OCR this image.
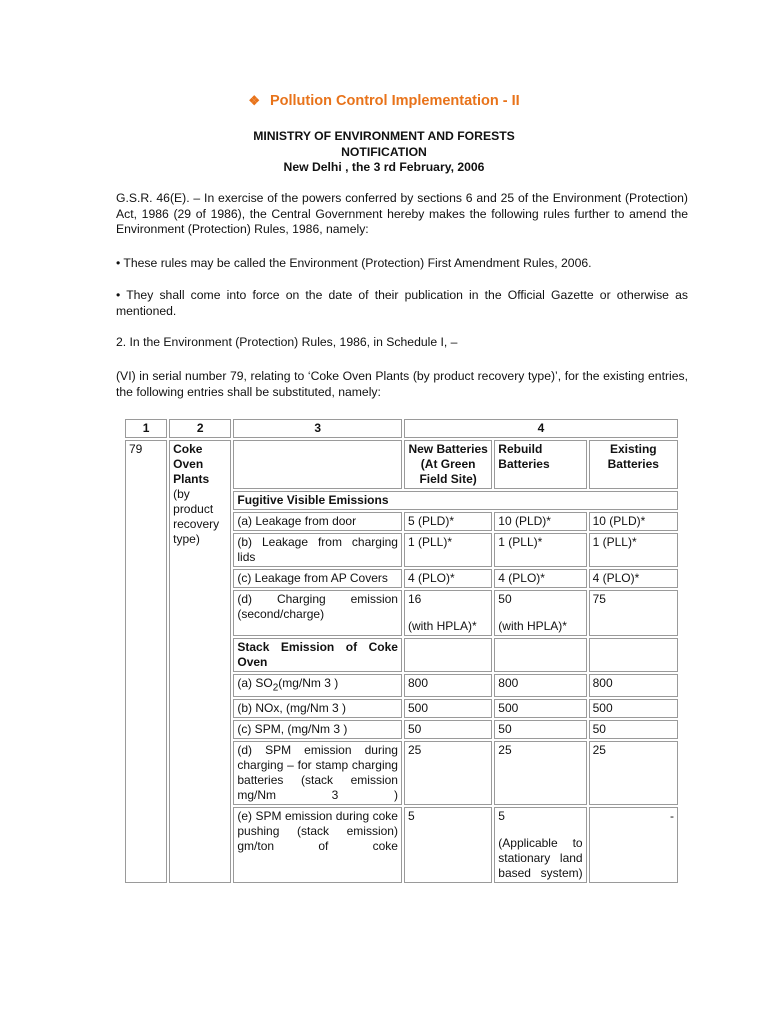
❖ Pollution Control Implementation - II
MINISTRY OF ENVIRONMENT AND FORESTS
NOTIFICATION
New Delhi , the 3 rd February, 2006
G.S.R. 46(E). – In exercise of the powers conferred by sections 6 and 25 of the Environment (Protection) Act, 1986 (29 of 1986), the Central Government hereby makes the following rules further to amend the Environment (Protection) Rules, 1986, namely:
• These rules may be called the Environment (Protection) First Amendment Rules, 2006.
• They shall come into force on the date of their publication in the Official Gazette or otherwise as mentioned.
2. In the Environment (Protection) Rules, 1986, in Schedule I, –
(VI) in serial number 79, relating to ‘Coke Oven Plants (by product recovery type)’, for the existing entries, the following entries shall be substituted, namely:
1	2	3	4		
79	Coke Oven Plants (by product recovery type)		New Batteries (At Green Field Site)	Rebuild Batteries	Existing Batteries
		Fugitive Visible Emissions			
		(a) Leakage from door	5 (PLD)*	10 (PLD)*	10 (PLD)*
		(b) Leakage from charging lids	1 (PLL)*	1 (PLL)*	1 (PLL)*
		(c) Leakage from AP Covers	4 (PLO)*	4 (PLO)*	4 (PLO)*
		(d) Charging emission (second/charge)	16
(with HPLA)*	50
(with HPLA)*	75
		Stack Emission of Coke Oven			
		(a) $SO_2(mg/Nm$ 3 )	800	800	800
		(b) NOx, (mg/Nm 3 )	500	500	500
		(c) SPM, (mg/Nm 3 )	50	50	50
		(d) SPM emission during charging – for stamp charging batteries (stack emission mg/Nm 3 )	25	25	25
		(e) SPM emission during coke pushing (stack emission) gm/ton of coke	5	5
(Applicable to stationary land based system)	-
